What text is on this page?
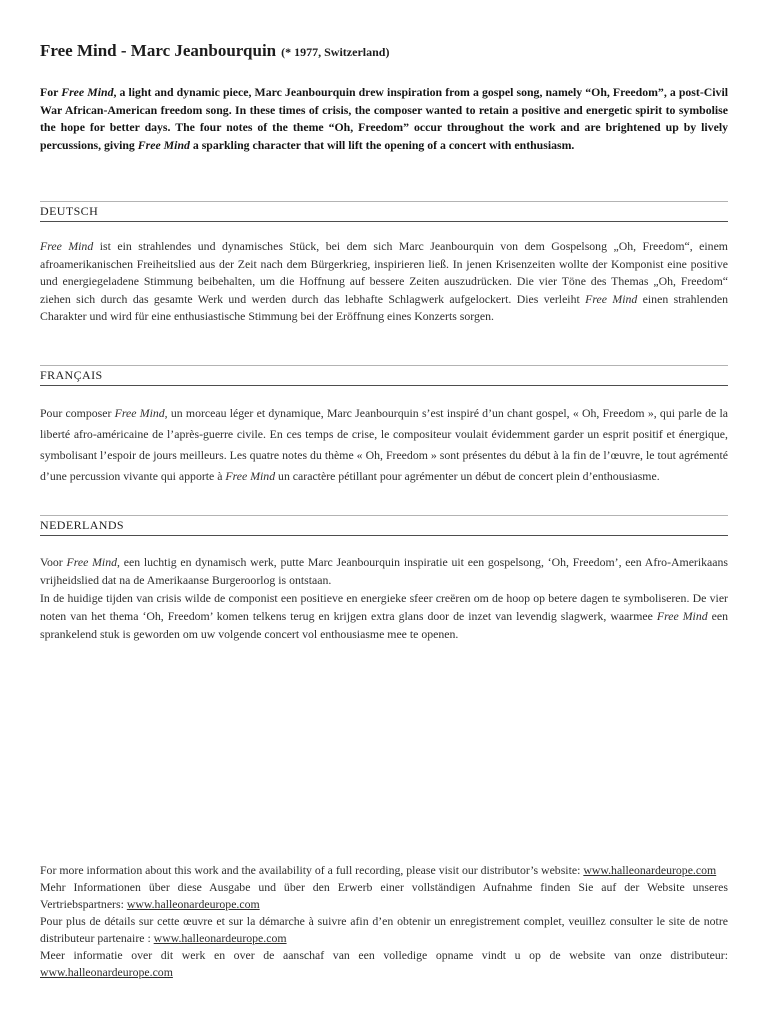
Free Mind - Marc Jeanbourquin (* 1977, Switzerland)

For Free Mind, a light and dynamic piece, Marc Jeanbourquin drew inspiration from a gospel song, namely “Oh, Freedom”, a post-Civil War African-American freedom song. In these times of crisis, the composer wanted to retain a positive and energetic spirit to symbolise the hope for better days. The four notes of the theme “Oh, Freedom” occur throughout the work and are brightened up by lively percussions, giving Free Mind a sparkling character that will lift the opening of a concert with enthusiasm.

DEUTSCH

Free Mind ist ein strahlendes und dynamisches Stück, bei dem sich Marc Jeanbourquin von dem Gospelsong „Oh, Freedom“, einem afroamerikanischen Freiheitslied aus der Zeit nach dem Bürgerkrieg, inspirieren ließ. In jenen Krisenzeiten wollte der Komponist eine positive und energiegeladene Stimmung beibehalten, um die Hoffnung auf bessere Zeiten auszudrücken. Die vier Töne des Themas „Oh, Freedom“ ziehen sich durch das gesamte Werk und werden durch das lebhafte Schlagwerk aufgelockert. Dies verleiht Free Mind einen strahlenden Charakter und wird für eine enthusiastische Stimmung bei der Eröffnung eines Konzerts sorgen.

FRANÇAIS

Pour composer Free Mind, un morceau léger et dynamique, Marc Jeanbourquin s’est inspiré d’un chant gospel, « Oh, Freedom », qui parle de la liberté afro-américaine de l’après-guerre civile. En ces temps de crise, le compositeur voulait évidemment garder un esprit positif et énergique, symbolisant l’espoir de jours meilleurs. Les quatre notes du thème « Oh, Freedom » sont présentes du début à la fin de l’œuvre, le tout agrémenté d’une percussion vivante qui apporte à Free Mind un caractère pétillant pour agrémenter un début de concert plein d’enthousiasme.

NEDERLANDS

Voor Free Mind, een luchtig en dynamisch werk, putte Marc Jeanbourquin inspiratie uit een gospelsong, ‘Oh, Freedom’, een Afro-Amerikaans vrijheidslied dat na de Amerikaanse Burgeroorlog is ontstaan.

In de huidige tijden van crisis wilde de componist een positieve en energieke sfeer creëren om de hoop op betere dagen te symboliseren. De vier noten van het thema ‘Oh, Freedom’ komen telkens terug en krijgen extra glans door de inzet van levendig slagwerk, waarmee Free Mind een sprankelend stuk is geworden om uw volgende concert vol enthousiasme mee te openen.

For more information about this work and the availability of a full recording, please visit our distributor’s website: www.halleonardeurope.com

Mehr Informationen über diese Ausgabe und über den Erwerb einer vollständigen Aufnahme finden Sie auf der Website unseres Vertriebspartners: www.halleonardeurope.com

Pour plus de détails sur cette œuvre et sur la démarche à suivre afin d’en obtenir un enregistrement complet, veuillez consulter le site de notre distributeur partenaire : www.halleonardeurope.com

Meer informatie over dit werk en over de aanschaf van een volledige opname vindt u op de website van onze distributeur: www.halleonardeurope.com
